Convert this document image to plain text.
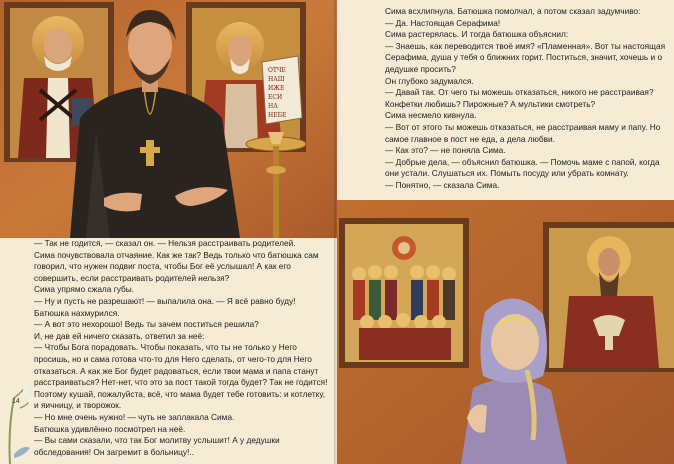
ОТЧЕ
НАШ
ИЖЕ
ЕСИ
НА
НЕБЕ

— Так не годится, — сказал он. — Нельзя расстраивать родителей.

Сима почувствовала отчаяние. Как же так? Ведь только что батюшка сам говорил, что нужен подвиг поста, чтобы Бог её услышал! А как его совершить, если расстраивать родителей нельзя?

Сима упрямо сжала губы.

— Ну и пусть не разрешают! — выпалила она. — Я всё равно буду!

Батюшка нахмурился.

— А вот это нехорошо! Ведь ты зачем поститься решила?

И, не дав ей ничего сказать, ответил за неё:

— Чтобы Бога порадовать. Чтобы показать, что ты не только у Него просишь, но и сама готова что-то для Него сделать, от чего-то для Него отказаться. А как же Бог будет радоваться, если твои мама и папа станут расстраиваться? Нет-нет, что это за пост такой тогда будет? Так не годится! Поэтому кушай, пожалуйста, всё, что мама будет тебе готовить: и котлетку, и яичницу, и творожок.

— Но мне очень нужно! — чуть не заплакала Сима.

Батюшка удивлённо посмотрел на неё.

— Вы сами сказали, что так Бог молитву услышит! А у дедушки обследования! Он загремит в больницу!..

14

Сима всхлипнула. Батюшка помолчал, а потом сказал задумчиво:

— Да. Настоящая Серафима!

Сима растерялась. И тогда батюшка объяснил:

— Знаешь, как переводится твоё имя? «Пламенная». Вот ты настоящая Серафима, душа у тебя о ближних горит. Поститься, значит, хочешь и о дедушке просить?

Он глубоко задумался.

— Давай так. От чего ты можешь отказаться, никого не расстраивая? Конфетки любишь? Пирожные? А мультики смотреть?

Сима несмело кивнула.

— Вот от этого ты можешь отказаться, не расстраивая маму и папу. Но самое главное в пост не еда, а дела любви.

— Как это? — не поняла Сима.

— Добрые дела, — объяснил батюшка. — Помочь маме с папой, когда они устали. Слушаться их. Помыть посуду или убрать комнату.

— Понятно, — сказала Сима.
